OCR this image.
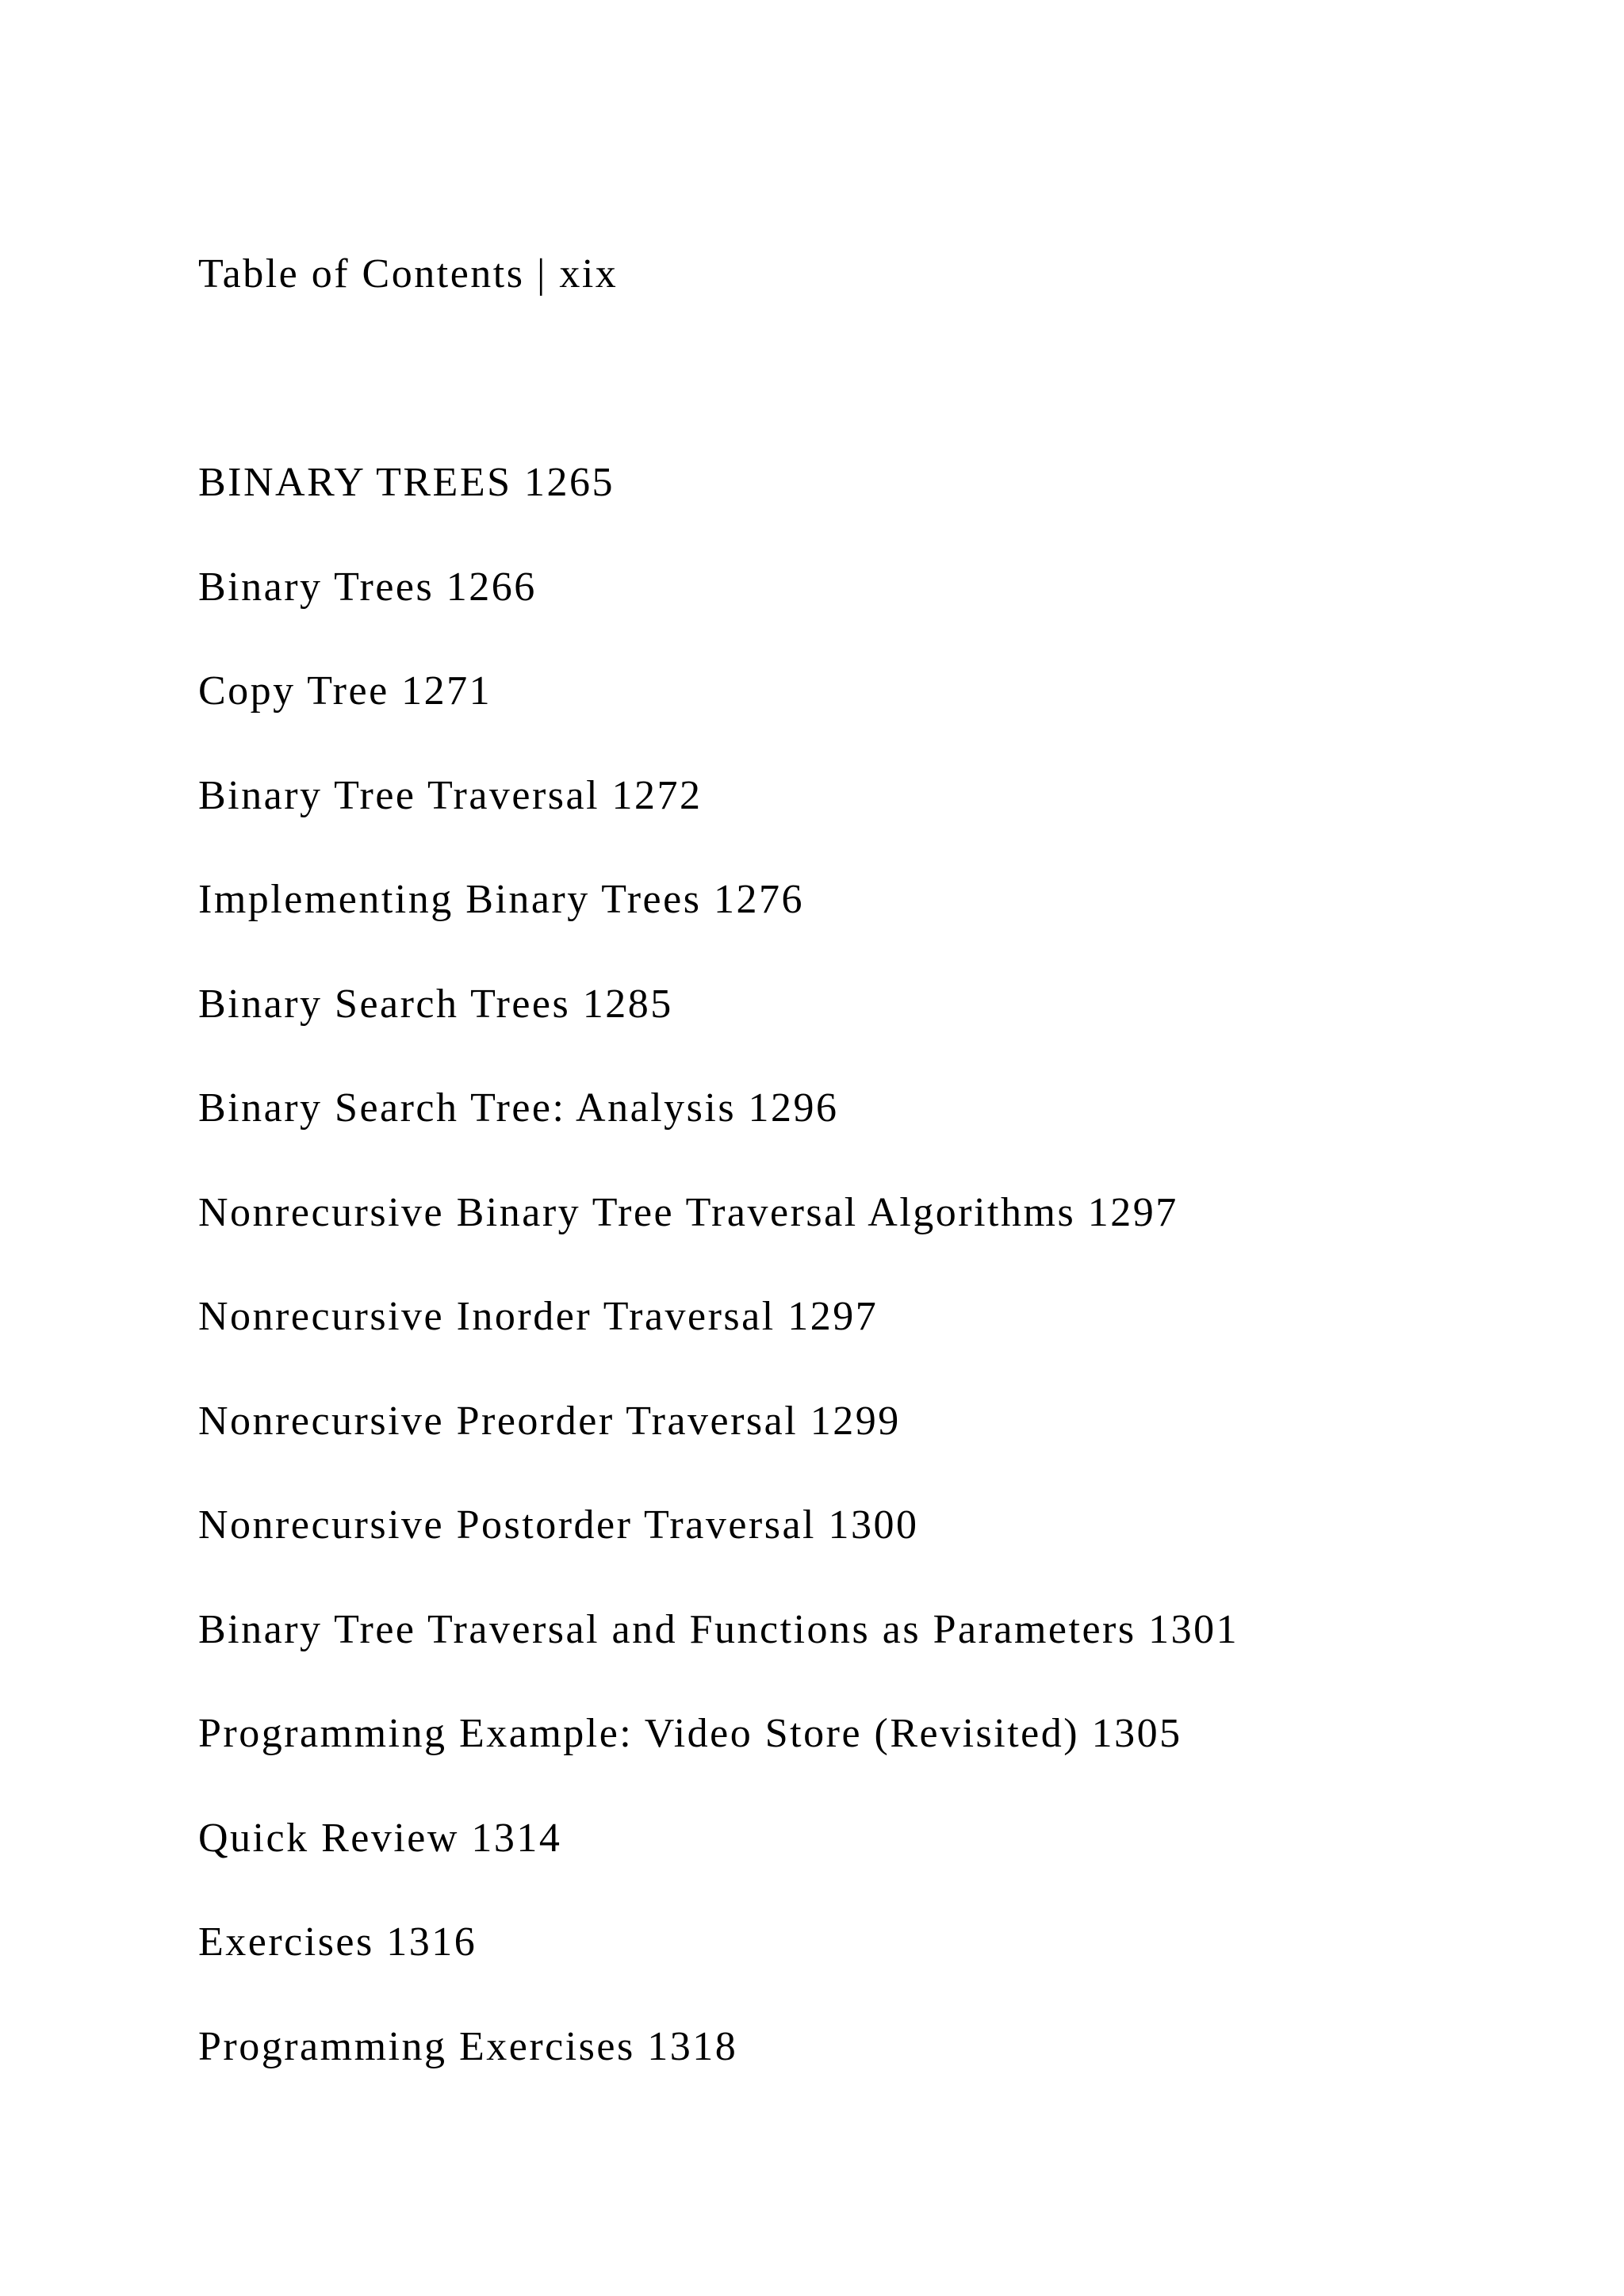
Table of Contents | xix

BINARY TREES 1265

Binary Trees 1266

Copy Tree 1271

Binary Tree Traversal 1272

Implementing Binary Trees 1276

Binary Search Trees 1285

Binary Search Tree: Analysis 1296

Nonrecursive Binary Tree Traversal Algorithms 1297

Nonrecursive Inorder Traversal 1297

Nonrecursive Preorder Traversal 1299

Nonrecursive Postorder Traversal 1300

Binary Tree Traversal and Functions as Parameters 1301

Programming Example: Video Store (Revisited) 1305

Quick Review 1314

Exercises 1316

Programming Exercises 1318
